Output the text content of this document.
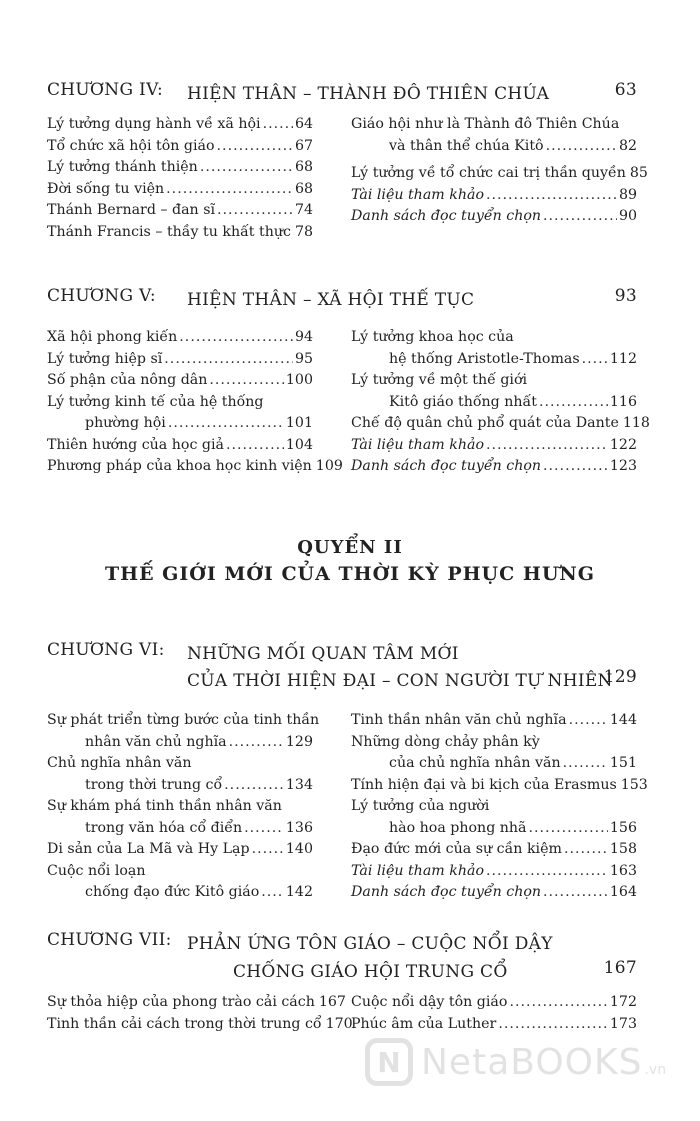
CHƯƠNG IV: HIỆN THÂN – THÀNH ĐÔ THIÊN CHÚA	63
Lý tưởng dụng hành về xã hội ..... 64
Tổ chức xã hội tôn giáo .....	67
Lý tưởng thánh thiện .....	68
Đời sống tu viện .....	68
Thánh Bernard – đan sĩ .....	74
Thánh Francis – thầy tu khất thực ..... 78
Giáo hội như là Thành đô Thiên Chúa
và thân thể chúa Kitô .....	82
Lý tưởng về tổ chức cai trị thần quyền 85
Tài liệu tham khảo .....	89
Danh sách đọc tuyển chọn .....	90
CHƯƠNG V: HIỆN THÂN – XÃ HỘI THẾ TỤC	93
Xã hội phong kiến .....	94
Lý tưởng hiệp sĩ .....	95
Số phận của nông dân .....	100
Lý tưởng kinh tế của hệ thống
phường hội .....	101
Thiên hướng của học giả .....	104
Phương pháp của khoa học kinh viện 109
Lý tưởng khoa học của
hệ thống Aristotle-Thomas ..... 112
Lý tưởng về một thế giới
Kitô giáo thống nhất .....	116
Chế độ quân chủ phổ quát của Dante 118
Tài liệu tham khảo .....	122
Danh sách đọc tuyển chọn .....	123
QUYỂN II
THẾ GIỚI MỚI CỦA THỜI KỲ PHỤC HƯNG
CHƯƠNG VI: NHỮNG MỐI QUAN TÂM MỚI
CỦA THỜI HIỆN ĐẠI – CON NGƯỜI TỰ NHIÊN
129
Sự phát triển từng bước của tinh thần
nhân văn chủ nghĩa .....	129
Chủ nghĩa nhân văn
trong thời trung cổ .....	134
Sự khám phá tinh thần nhân văn
trong văn hóa cổ điển .....	136
Di sản của La Mã và Hy Lạp .....	140
Cuộc nổi loạn
chống đạo đức Kitô giáo ..... 142
Tinh thần nhân văn chủ nghĩa .....	144
Những dòng chảy phân kỳ
của chủ nghĩa nhân văn .....	151
Tính hiện đại và bi kịch của Erasmus 153
Lý tưởng của người
hào hoa phong nhã .....	156
Đạo đức mới của sự cần kiệm .....	158
Tài liệu tham khảo .....	163
Danh sách đọc tuyển chọn .....	164
CHƯƠNG VII: PHẢN ỨNG TÔN GIÁO – CUỘC NỔI DẬY
CHỐNG GIÁO HỘI TRUNG CỔ	167
Sự thỏa hiệp của phong trào cải cách 167
Tinh thần cải cách trong thời trung cổ 170
Cuộc nổi dậy tôn giáo .....	172
Phúc âm của Luther .....	173
N NetaBOOKS .vn
